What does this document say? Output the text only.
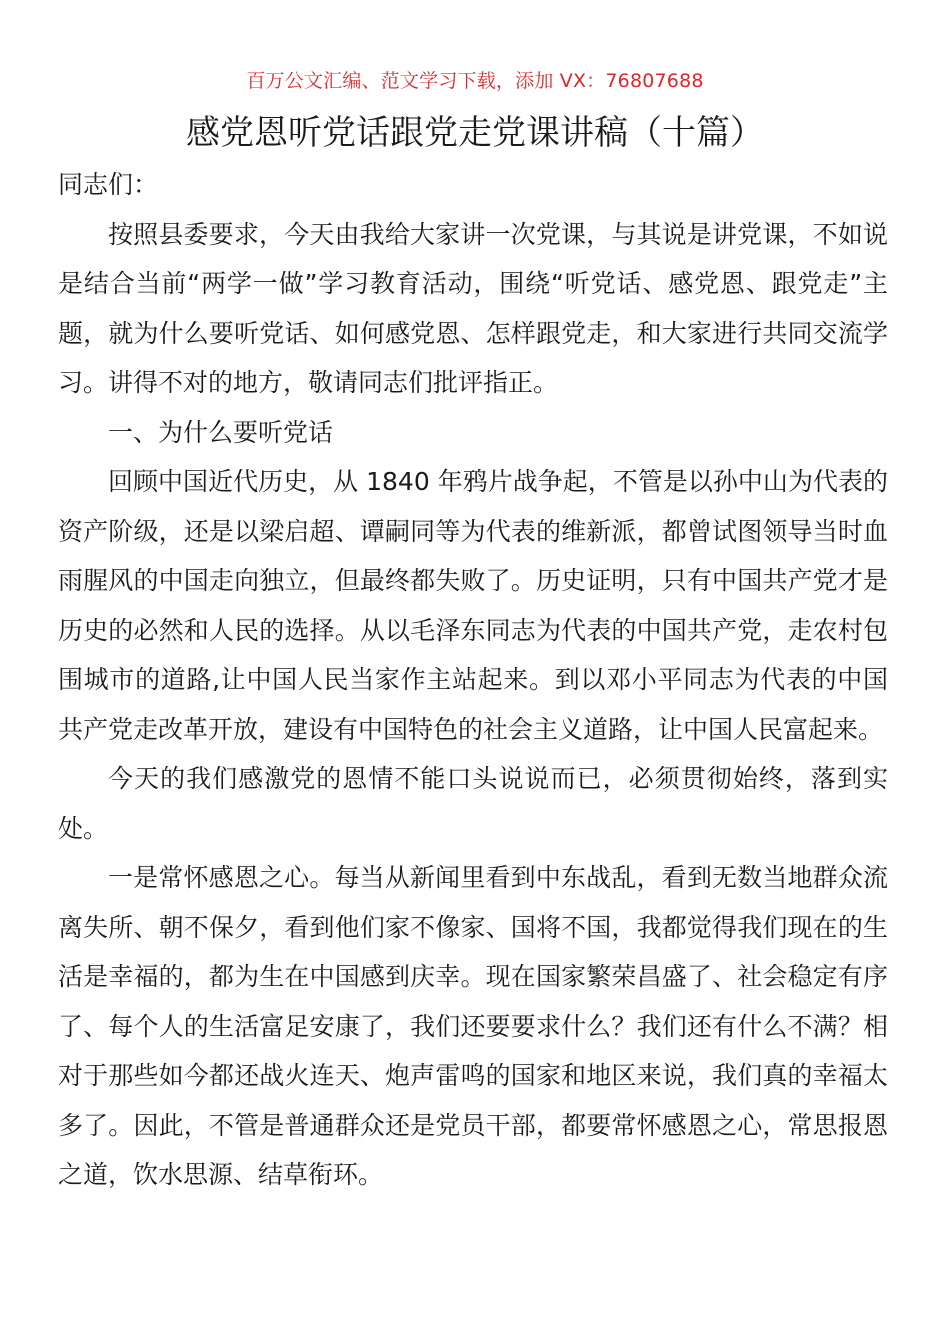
百万公文汇编、范文学习下载，添加 VX：76807688
感党恩听党话跟党走党课讲稿（十篇）

同志们：

按照县委要求，今天由我给大家讲一次党课，与其说是讲党课，不如说是结合当前“两学一做”学习教育活动，围绕“听党话、感党恩、跟党走”主题，就为什么要听党话、如何感党恩、怎样跟党走，和大家进行共同交流学习。讲得不对的地方，敬请同志们批评指正。

一、为什么要听党话

回顾中国近代历史，从 1840 年鸦片战争起，不管是以孙中山为代表的资产阶级，还是以梁启超、谭嗣同等为代表的维新派，都曾试图领导当时血雨腥风的中国走向独立，但最终都失败了。历史证明，只有中国共产党才是历史的必然和人民的选择。从以毛泽东同志为代表的中国共产党，走农村包围城市的道路,让中国人民当家作主站起来。到以邓小平同志为代表的中国共产党走改革开放，建设有中国特色的社会主义道路，让中国人民富起来。

今天的我们感激党的恩情不能口头说说而已，必须贯彻始终，落到实处。

一是常怀感恩之心。每当从新闻里看到中东战乱，看到无数当地群众流离失所、朝不保夕，看到他们家不像家、国将不国，我都觉得我们现在的生活是幸福的，都为生在中国感到庆幸。现在国家繁荣昌盛了、社会稳定有序了、每个人的生活富足安康了，我们还要要求什么？我们还有什么不满？相对于那些如今都还战火连天、炮声雷鸣的国家和地区来说，我们真的幸福太多了。因此，不管是普通群众还是党员干部，都要常怀感恩之心，常思报恩之道，饮水思源、结草衔环。
